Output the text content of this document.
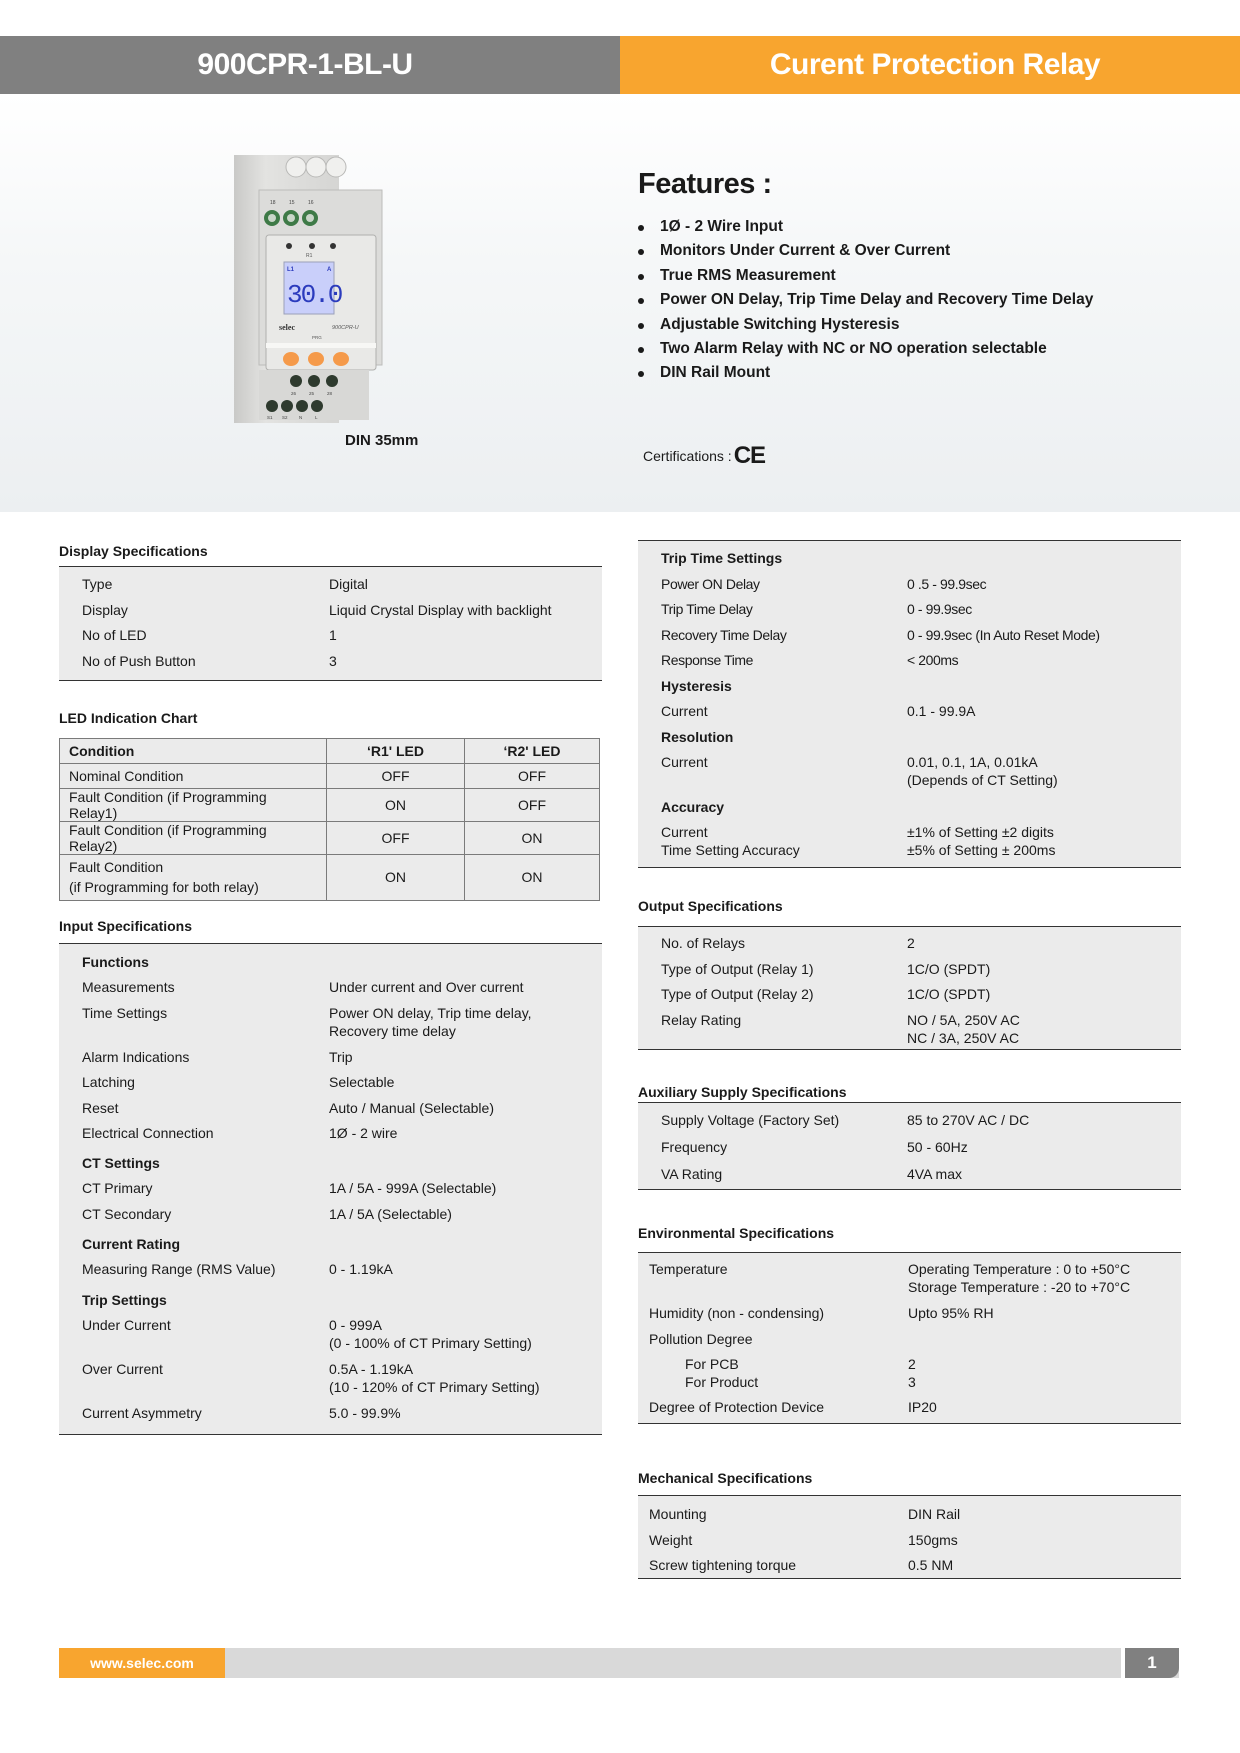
900CPR-1-BL-U	Curent Protection Relay
18	15	16
R1
L1	A
30.0
selec	900CPR-U
PRG
26	25	28
S1 S2	N	L
DIN 35mm
Features :
1Ø - 2 Wire Input
Monitors Under Current & Over Current
True RMS Measurement
Power ON Delay, Trip Time Delay and Recovery Time Delay
Adjustable Switching Hysteresis
Two Alarm Relay with NC or NO operation selectable
DIN Rail Mount
Certifications : CE
Display Specifications
Type	Digital
Display	Liquid Crystal Display with backlight
No of LED	1
No of Push Button	3
LED Indication Chart
Condition	‘R1' LED	‘R2' LED
Nominal Condition	OFF	OFF
Fault Condition (if Programming Relay1)	ON	OFF
Fault Condition (if Programming Relay2)	OFF	ON
Fault Condition
(if Programming for both relay)	ON	ON
Input Specifications
Functions
Measurements	Under current and Over current
Time Settings	Power ON delay, Trip time delay,
Recovery time delay
Alarm Indications	Trip
Latching	Selectable
Reset	Auto / Manual (Selectable)
Electrical Connection	1Ø - 2 wire
CT Settings
CT Primary	1A / 5A - 999A (Selectable)
CT Secondary	1A / 5A (Selectable)
Current Rating
Measuring Range (RMS Value)	0 - 1.19kA
Trip Settings
Under Current	0 - 999A
(0 - 100% of CT Primary Setting)
Over Current	0.5A - 1.19kA
(10 - 120% of CT Primary Setting)
Current Asymmetry	5.0 - 99.9%
Trip Time Settings
Power ON Delay	0 .5 - 99.9sec
Trip Time Delay	0 - 99.9sec
Recovery Time Delay	0 - 99.9sec (In Auto Reset Mode)
Response Time	< 200ms
Hysteresis
Current	0.1 - 99.9A
Resolution
Current	0.01, 0.1, 1A, 0.01kA
(Depends of CT Setting)
Accuracy
Current	±1% of Setting ±2 digits
Time Setting Accuracy	±5% of Setting ± 200ms
Output Specifications
No. of Relays	2
Type of Output (Relay 1)	1C/O (SPDT)
Type of Output (Relay 2)	1C/O (SPDT)
Relay Rating	NO / 5A, 250V AC
NC / 3A, 250V AC
Auxiliary Supply Specifications
Supply Voltage (Factory Set)	85 to 270V AC / DC
Frequency	50 - 60Hz
VA Rating	4VA max
Environmental Specifications
Temperature	Operating Temperature : 0 to +50°C
Storage Temperature : -20 to +70°C
Humidity (non - condensing)	Upto 95% RH
Pollution Degree
For PCB	2
For Product	3
Degree of Protection Device	IP20
Mechanical Specifications
Mounting	DIN Rail
Weight	150gms
Screw tightening torque	0.5 NM
www.selec.com	1
